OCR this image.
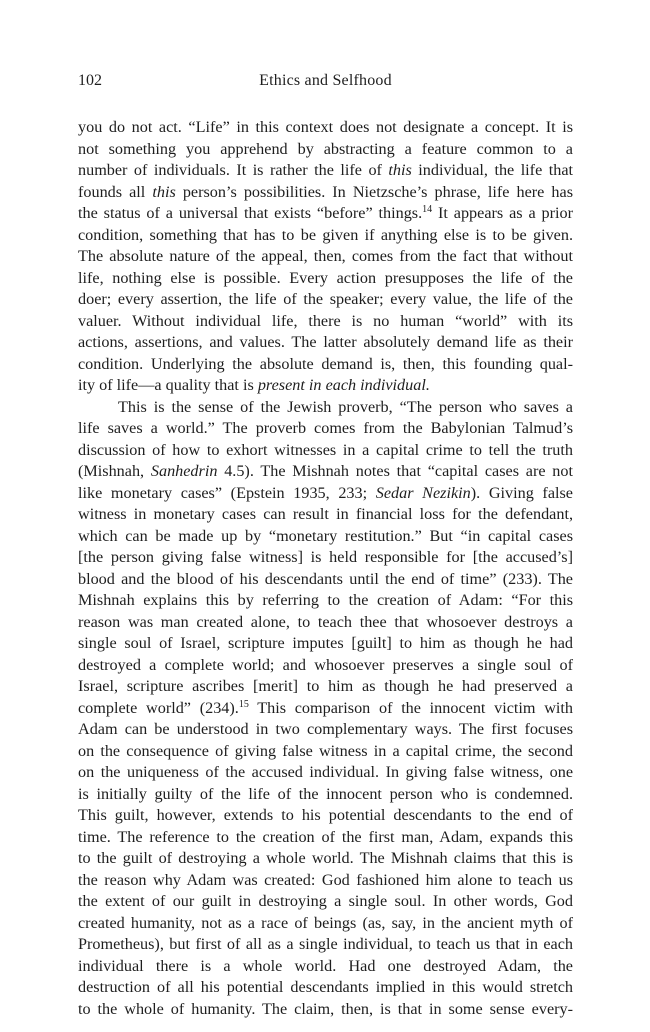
102	Ethics and Selfhood
you do not act. “Life” in this context does not designate a concept. It is
not something you apprehend by abstracting a feature common to a
number of individuals. It is rather the life of this individual, the life that
founds all this person’s possibilities. In Nietzsche’s phrase, life here has
the status of a universal that exists “before” things.$^{14}$ It appears as a prior
condition, something that has to be given if anything else is to be given.
The absolute nature of the appeal, then, comes from the fact that without
life, nothing else is possible. Every action presupposes the life of the
doer; every assertion, the life of the speaker; every value, the life of the
valuer. Without individual life, there is no human “world” with its
actions, assertions, and values. The latter absolutely demand life as their
condition. Underlying the absolute demand is, then, this founding qual-
ity of life—a quality that is present in each individual.
This is the sense of the Jewish proverb, “The person who saves a
life saves a world.” The proverb comes from the Babylonian Talmud’s
discussion of how to exhort witnesses in a capital crime to tell the truth
(Mishnah, Sanhedrin 4.5). The Mishnah notes that “capital cases are not
like monetary cases” (Epstein 1935, 233; Sedar Nezikin). Giving false
witness in monetary cases can result in financial loss for the defendant,
which can be made up by “monetary restitution.” But “in capital cases
[the person giving false witness] is held responsible for [the accused’s]
blood and the blood of his descendants until the end of time” (233). The
Mishnah explains this by referring to the creation of Adam: “For this
reason was man created alone, to teach thee that whosoever destroys a
single soul of Israel, scripture imputes [guilt] to him as though he had
destroyed a complete world; and whosoever preserves a single soul of
Israel, scripture ascribes [merit] to him as though he had preserved a
complete world” (234).$^{15}$ This comparison of the innocent victim with
Adam can be understood in two complementary ways. The first focuses
on the consequence of giving false witness in a capital crime, the second
on the uniqueness of the accused individual. In giving false witness, one
is initially guilty of the life of the innocent person who is condemned.
This guilt, however, extends to his potential descendants to the end of
time. The reference to the creation of the first man, Adam, expands this
to the guilt of destroying a whole world. The Mishnah claims that this is
the reason why Adam was created: God fashioned him alone to teach us
the extent of our guilt in destroying a single soul. In other words, God
created humanity, not as a race of beings (as, say, in the ancient myth of
Prometheus), but first of all as a single individual, to teach us that in each
individual there is a whole world. Had one destroyed Adam, the
destruction of all his potential descendants implied in this would stretch
to the whole of humanity. The claim, then, is that in some sense every-
